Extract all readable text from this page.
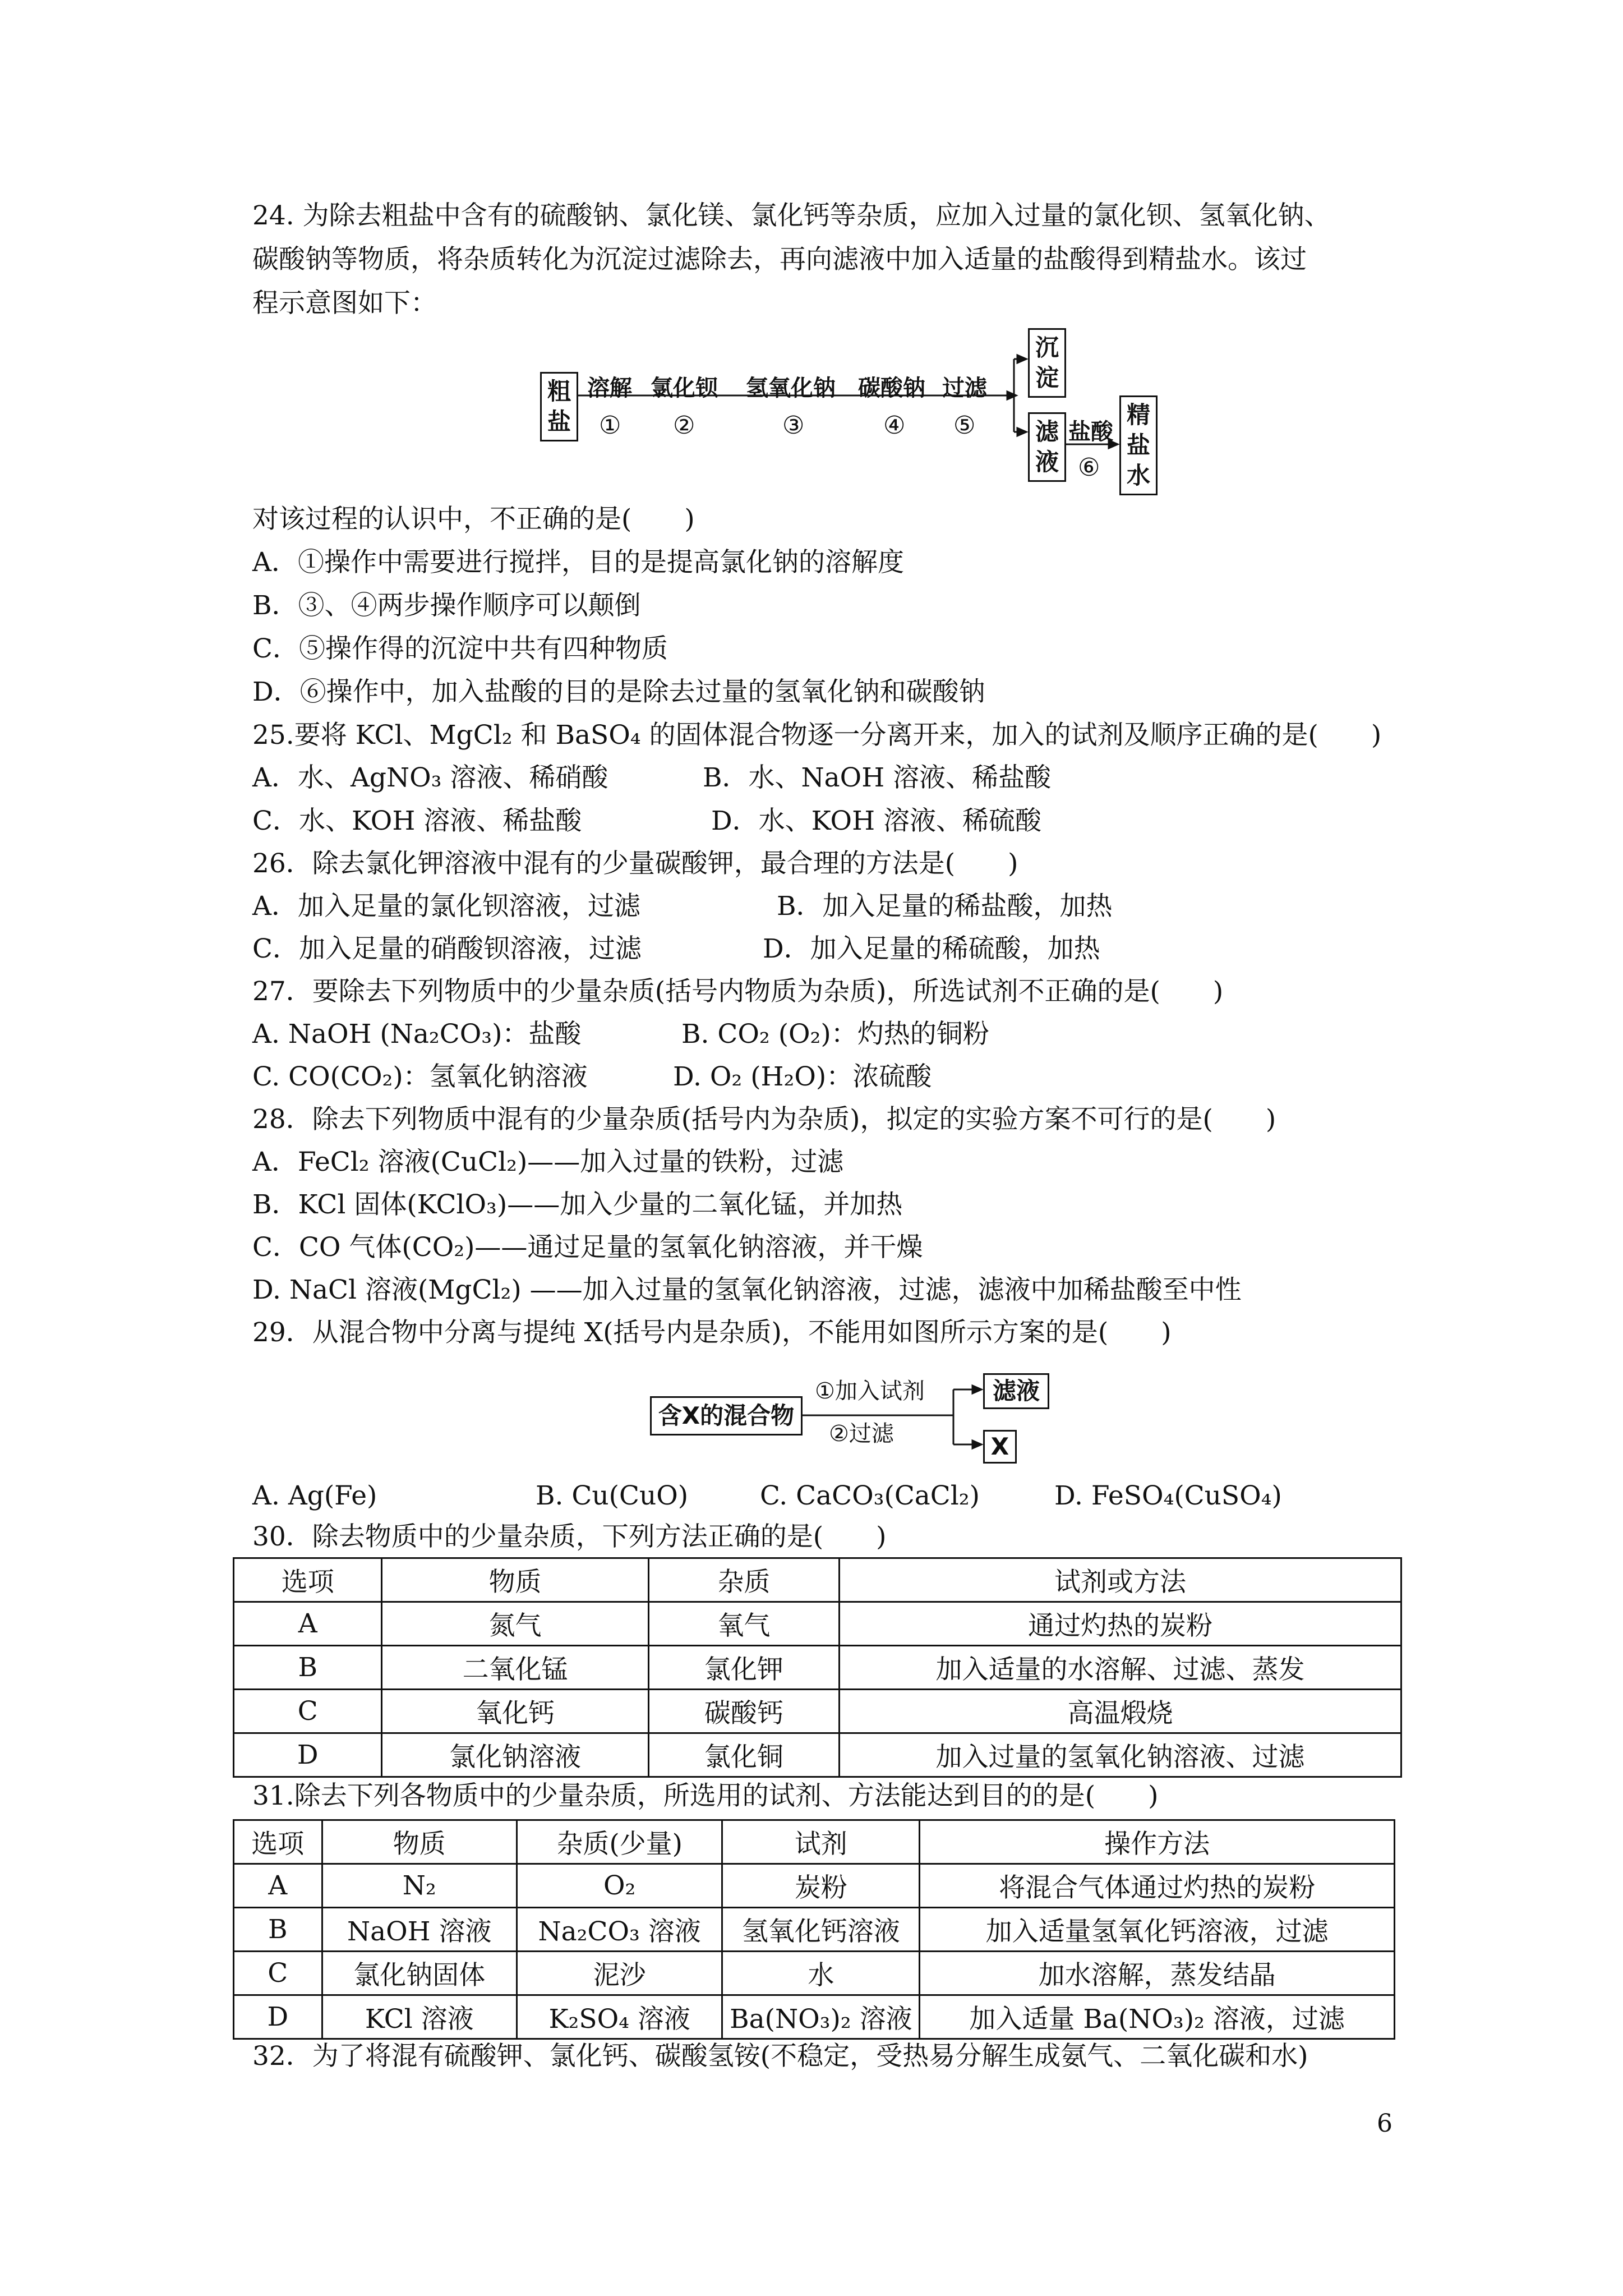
24. 为除去粗盐中含有的硫酸钠、氯化镁、氯化钙等杂质，应加入过量的氯化钡、氢氧化钠、
碳酸钠等物质，将杂质转化为沉淀过滤除去，再向滤液中加入适量的盐酸得到精盐水。该过
程示意图如下：
粗盐
溶解 氯化钡 氢氧化钠 碳酸钠 过滤
① ②	③	④ ⑤
沉淀
滤液
盐酸
⑥
精盐水
对该过程的认识中，不正确的是(　　)
A．①操作中需要进行搅拌，目的是提高氯化钠的溶解度
B．③、④两步操作顺序可以颠倒
C．⑤操作得的沉淀中共有四种物质
D．⑥操作中，加入盐酸的目的是除去过量的氢氧化钠和碳酸钠
25.要将 KCl、MgCl₂ 和 BaSO₄ 的固体混合物逐一分离开来，加入的试剂及顺序正确的是(　　)
A．水、AgNO₃ 溶液、稀硝酸	B．水、NaOH 溶液、稀盐酸
C．水、KOH 溶液、稀盐酸	D．水、KOH 溶液、稀硫酸
26．除去氯化钾溶液中混有的少量碳酸钾，最合理的方法是(　　)
A．加入足量的氯化钡溶液，过滤	B．加入足量的稀盐酸，加热
C．加入足量的硝酸钡溶液，过滤	D．加入足量的稀硫酸，加热
27．要除去下列物质中的少量杂质(括号内物质为杂质)，所选试剂不正确的是(　　)
A. NaOH (Na₂CO₃)：盐酸	B. CO₂ (O₂)：灼热的铜粉
C. CO(CO₂)：氢氧化钠溶液	D. O₂ (H₂O)：浓硫酸
28．除去下列物质中混有的少量杂质(括号内为杂质)，拟定的实验方案不可行的是(　　)
A．FeCl₂ 溶液(CuCl₂)——加入过量的铁粉，过滤
B．KCl 固体(KClO₃)——加入少量的二氧化锰，并加热
C．CO 气体(CO₂)——通过足量的氢氧化钠溶液，并干燥
D. NaCl 溶液(MgCl₂) ——加入过量的氢氧化钠溶液，过滤，滤液中加稀盐酸至中性
29．从混合物中分离与提纯 X(括号内是杂质)，不能用如图所示方案的是(　　)
含X的混合物
①加入试剂
②过滤
滤液
X
A. Ag(Fe)	B. Cu(CuO)	C. CaCO₃(CaCl₂)	D. FeSO₄(CuSO₄)
30．除去物质中的少量杂质，下列方法正确的是(　　)
选项	物质	杂质	试剂或方法
A	氮气	氧气	通过灼热的炭粉
B	二氧化锰	氯化钾	加入适量的水溶解、过滤、蒸发
C	氧化钙	碳酸钙	高温煅烧
D	氯化钠溶液	氯化铜	加入过量的氢氧化钠溶液、过滤
31.除去下列各物质中的少量杂质，所选用的试剂、方法能达到目的的是(　　)
选项	物质	杂质(少量)	试剂	操作方法
A	N₂	O₂	炭粉	将混合气体通过灼热的炭粉
B	NaOH 溶液	Na₂CO₃ 溶液	氢氧化钙溶液	加入适量氢氧化钙溶液，过滤
C	氯化钠固体	泥沙	水	加水溶解，蒸发结晶
D	KCl 溶液	K₂SO₄ 溶液	Ba(NO₃)₂ 溶液	加入适量 Ba(NO₃)₂ 溶液，过滤
32．为了将混有硫酸钾、氯化钙、碳酸氢铵(不稳定，受热易分解生成氨气、二氧化碳和水)
6
